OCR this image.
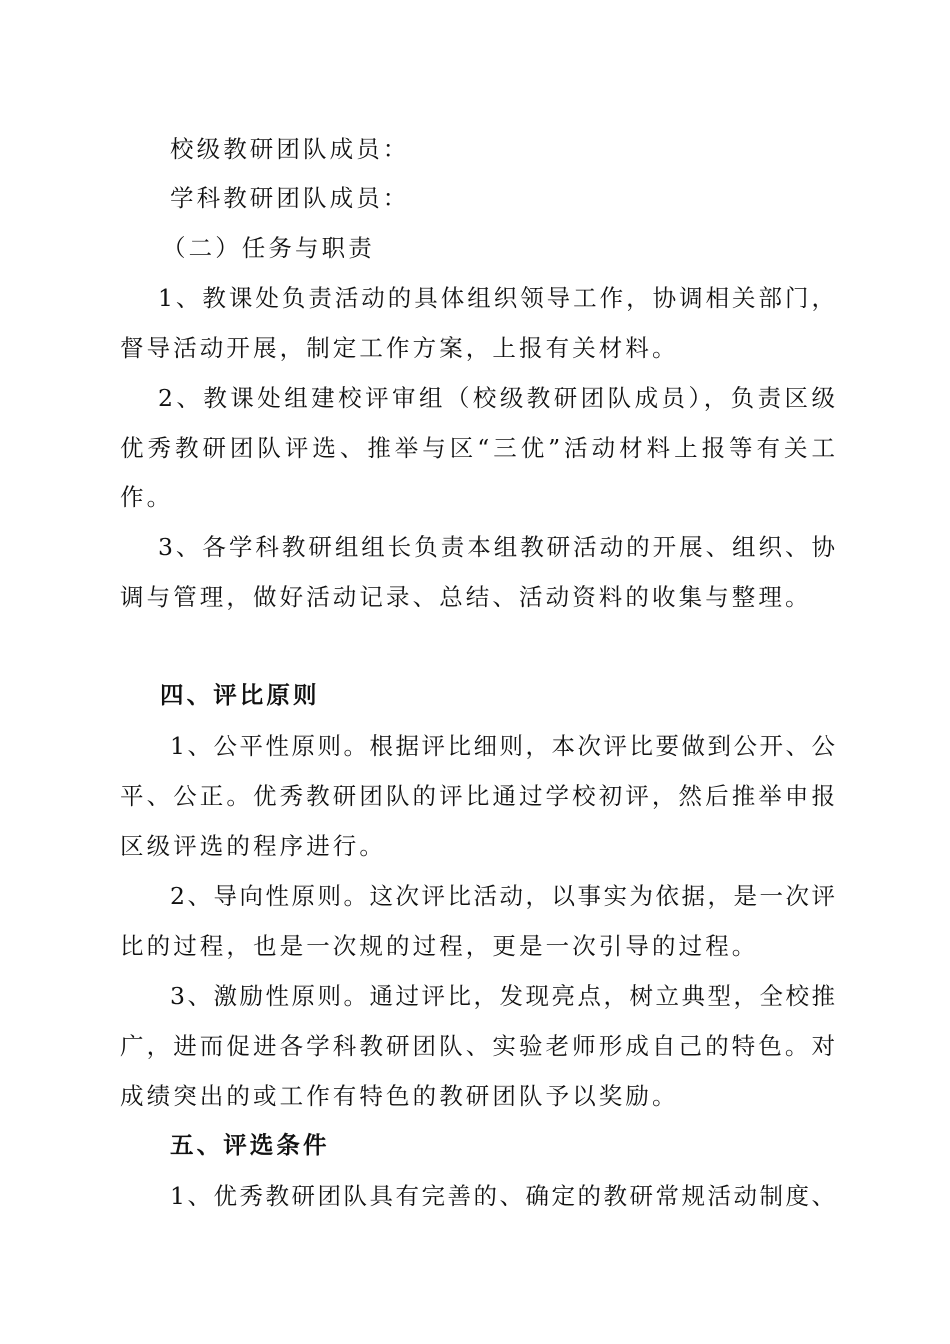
校级教研团队成员：
学科教研团队成员：
（二）任务与职责
1、教课处负责活动的具体组织领导工作，协调相关部门，
督导活动开展，制定工作方案，上报有关材料。
2、教课处组建校评审组（校级教研团队成员），负责区级
优秀教研团队评选、推举与区“三优”活动材料上报等有关工
作。
3、各学科教研组组长负责本组教研活动的开展、组织、协
调与管理，做好活动记录、总结、活动资料的收集与整理。
四、评比原则
1、公平性原则。根据评比细则，本次评比要做到公开、公
平、公正。优秀教研团队的评比通过学校初评，然后推举申报
区级评选的程序进行。
2、导向性原则。这次评比活动，以事实为依据，是一次评
比的过程，也是一次规的过程，更是一次引导的过程。
3、激励性原则。通过评比，发现亮点，树立典型，全校推
广，进而促进各学科教研团队、实验老师形成自己的特色。对
成绩突出的或工作有特色的教研团队予以奖励。
五、评选条件
1、优秀教研团队具有完善的、确定的教研常规活动制度、
